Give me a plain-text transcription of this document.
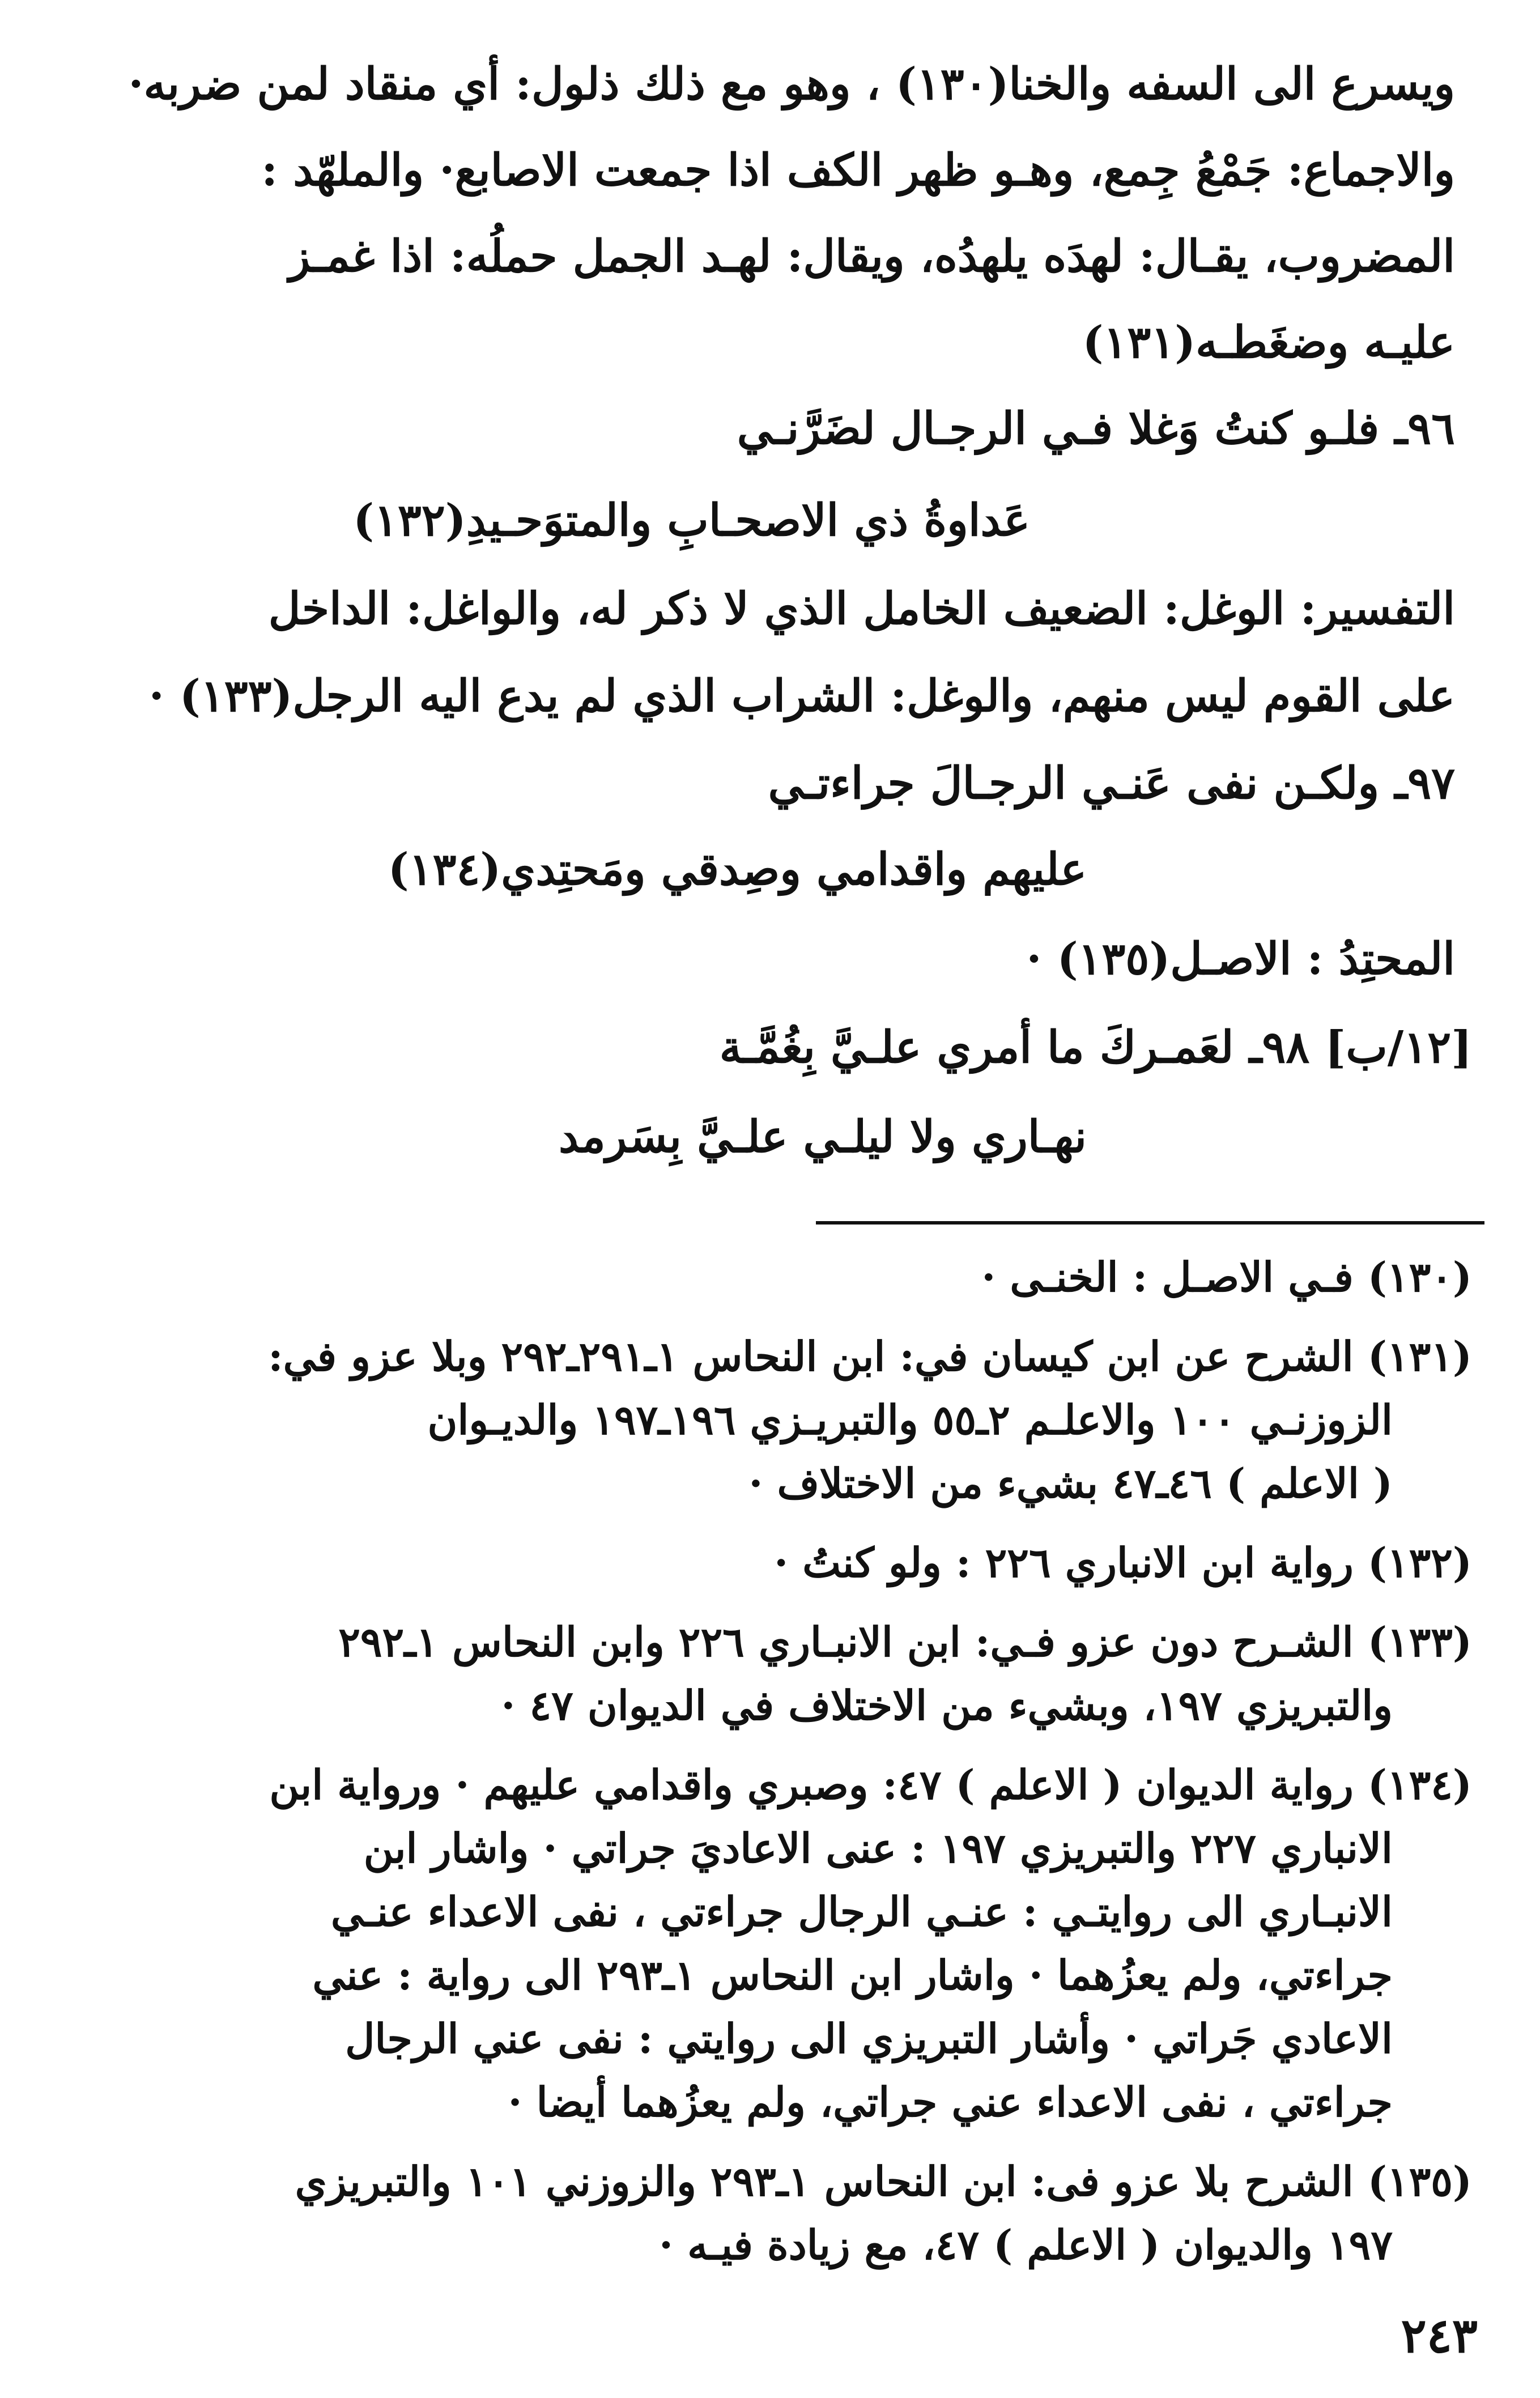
ويسرع الى السفه والخنا(١٣٠) ، وهو مع ذلك ذلول: أي منقاد لمن ضربه·
والاجماع: جَمْعُ جِمع، وهـو ظهر الكف اذا جمعت الاصابع· والملهّد :
المضروب، يقـال: لهدَه يلهدُه، ويقال: لهـد الجمل حملُه: اذا غمـز
عليـه وضغَطـه(١٣١)
٩٦ـ فلـو كنتُ وَغلا فـي الرجـال لضَرَّنـي
عَداوةُ ذي الاصحـابِ والمتوَحـيدِ(١٣٢)
التفسير: الوغل: الضعيف الخامل الذي لا ذكر له، والواغل: الداخل
على القوم ليس منهم، والوغل: الشراب الذي لم يدع اليه الرجل(١٣٣) ·
٩٧ـ ولكـن نفى عَنـي الرجـالَ جراءتـي
عليهم واقدامي وصِدقي ومَحتِدي(١٣٤)
المحتِدُ : الاصـل(١٣٥) ·
[١٢/ب] ٩٨ـ لعَمـركَ ما أمري علـيَّ بِغُمَّـة
نهـاري ولا ليلـي علـيَّ بِسَرمد
(١٣٠) فـي الاصـل : الخنـى ·
(١٣١) الشرح عن ابن كيسان في: ابن النحاس ١ـ٢٩١ـ٢٩٢ وبلا عزو في:
الزوزنـي ١٠٠ والاعلـم ٢ـ٥٥ والتبريـزي ١٩٦ـ١٩٧ والديـوان
( الاعلم ) ٤٦ـ٤٧ بشيء من الاختلاف ·
(١٣٢) رواية ابن الانباري ٢٢٦ : ولو كنتُ ·
(١٣٣) الشـرح دون عزو فـي: ابن الانبـاري ٢٢٦ وابن النحاس ١ـ٢٩٢
والتبريزي ١٩٧، وبشيء من الاختلاف في الديوان ٤٧ ·
(١٣٤) رواية الديوان ( الاعلم ) ٤٧: وصبري واقدامي عليهم · ورواية ابن
الانباري ٢٢٧ والتبريزي ١٩٧ : عنى الاعاديَ جراتي · واشار ابن
الانبـاري الى روايتـي : عنـي الرجال جراءتي ، نفى الاعداء عنـي
جراءتي، ولم يعزُهما · واشار ابن النحاس ١ـ٢٩٣ الى رواية : عني
الاعادي جَراتي · وأشار التبريزي الى روايتي : نفى عني الرجال
جراءتي ، نفى الاعداء عني جراتي، ولم يعزُهما أيضا ·
(١٣٥) الشرح بلا عزو فى: ابن النحاس ١ـ٢٩٣ والزوزني ١٠١ والتبريزي
١٩٧ والديوان ( الاعلم ) ٤٧، مع زيادة فيـه ·
٢٤٣
